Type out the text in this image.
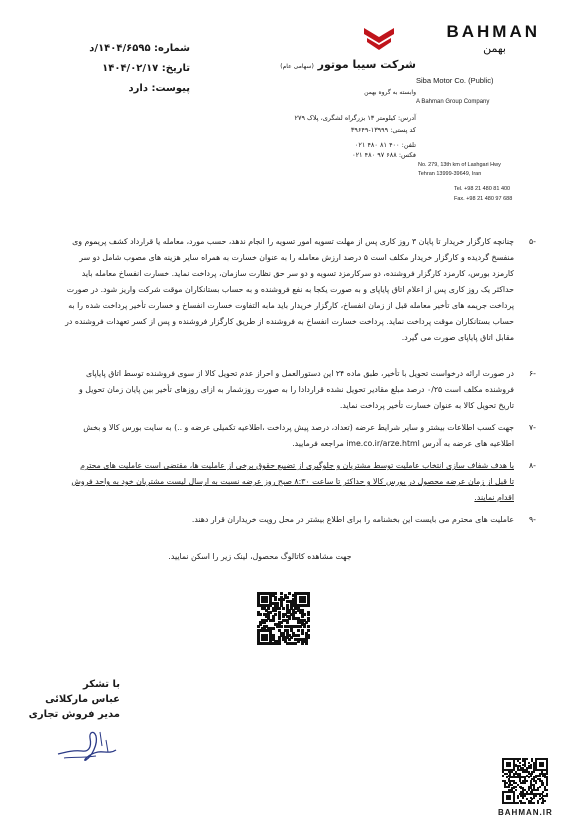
شماره: ۱۴۰۴/۶۵۹۵/د
تاریخ: ۱۴۰۴/۰۲/۱۷
پیوست: دارد
BAHMAN
بهمن
شرکت سیبا موتور (سهامی عام)
Siba Motor Co. (Public)
وابسته به گروه بهمن
A Bahman Group Company
آدرس: کیلومتر ۱۳ بزرگراه لشگری، پلاک ۲۷۹
کد پستی: ۱۳۹۹۹-۳۹۶۴۹
تلفن: ۴۰۰ ۸۱ ۴۸۰ ۰۲۱
فکس: ۶۸۸ ۹۷ ۴۸۰ ۰۲۱
No. 279, 13th km of Lashgari Hwy
Tehran 13999-39649, Iran
Tel. +98 21 480 81 400
Fax. +98 21 480 97 688
-۵
چنانچه کارگزار خریدار تا پایان ۳ روز کاری پس از مهلت تسویه امور تسویه را انجام ندهد، حسب مورد، معامله یا قرارداد کشف پریموم وی
منفسخ گردیده و کارگزار خریدار مکلف است ۵ درصد ارزش معامله را به عنوان خسارت به همراه سایر هزینه های مصوب شامل دو سر
کارمزد بورس، کارمزد کارگزار فروشنده، دو سرکارمزد تسویه و دو سر حق نظارت سازمان، پرداخت نماید. خسارت انفساخ معامله باید
حداکثر یک روز کاری پس از اعلام اتاق پایاپای و به صورت یکجا به نفع فروشنده و به حساب بستانکاران موقت شرکت واریز شود. در صورت
پرداخت جریمه های تأخیر معامله قبل از زمان انفساخ، کارگزار خریدار باید مابه التفاوت خسارت انفساخ و خسارت تأخیر پرداخت شده را به
حساب بستانکاران موقت پرداخت نماید. پرداخت خسارت انفساخ به فروشنده از طریق کارگزار فروشنده و پس از کسر تعهدات فروشنده در
مقابل اتاق پایاپای صورت می گیرد.
-۶
در صورت ارائه درخواست تحویل با تأخیر، طبق ماده ۲۴ این دستورالعمل و احراز عدم تحویل کالا از سوی فروشنده توسط اتاق پایاپای
فروشنده مکلف است ۰/۲۵ درصد مبلغ مقادیر تحویل نشده قراردادا را به صورت روزشمار به ازای روزهای تأخیر بین پایان زمان تحویل و
تاریخ تحویل کالا به عنوان خسارت تأخیر پرداخت نماید.
-۷
جهت کسب اطلاعات بیشتر و سایر شرایط عرضه (تعداد، درصد پیش پرداخت ،اطلاعیه تکمیلی عرضه و ..) به سایت بورس کالا و بخش
اطلاعیه های عرضه به آدرس ime.co.ir/arze.html مراجعه فرمایید.
-۸
با هدف شفاف سازی انتخاب عاملیت توسط مشتریان و جلوگیری از تضییع حقوق برخی از عاملیت ها، مقتضی است عاملیت های محترم
تا قبل از زمان عرضه محصول در بورس کالا و حداکثر تا ساعت ۸:۳۰ صبح روز عرضه نسبت به ارسال لیست مشتریان خود به واحد فروش
اقدام نمایند.
-۹
عاملیت های محترم می بایست این بخشنامه را برای اطلاع بیشتر در محل رویت خریداران قرار دهند.
جهت مشاهده کاتالوگ محصول، لینک زیر را اسکن نمایید.
با تشکر
عباس مارکلائی
مدیر فروش تجاری
BAHMAN.IR
